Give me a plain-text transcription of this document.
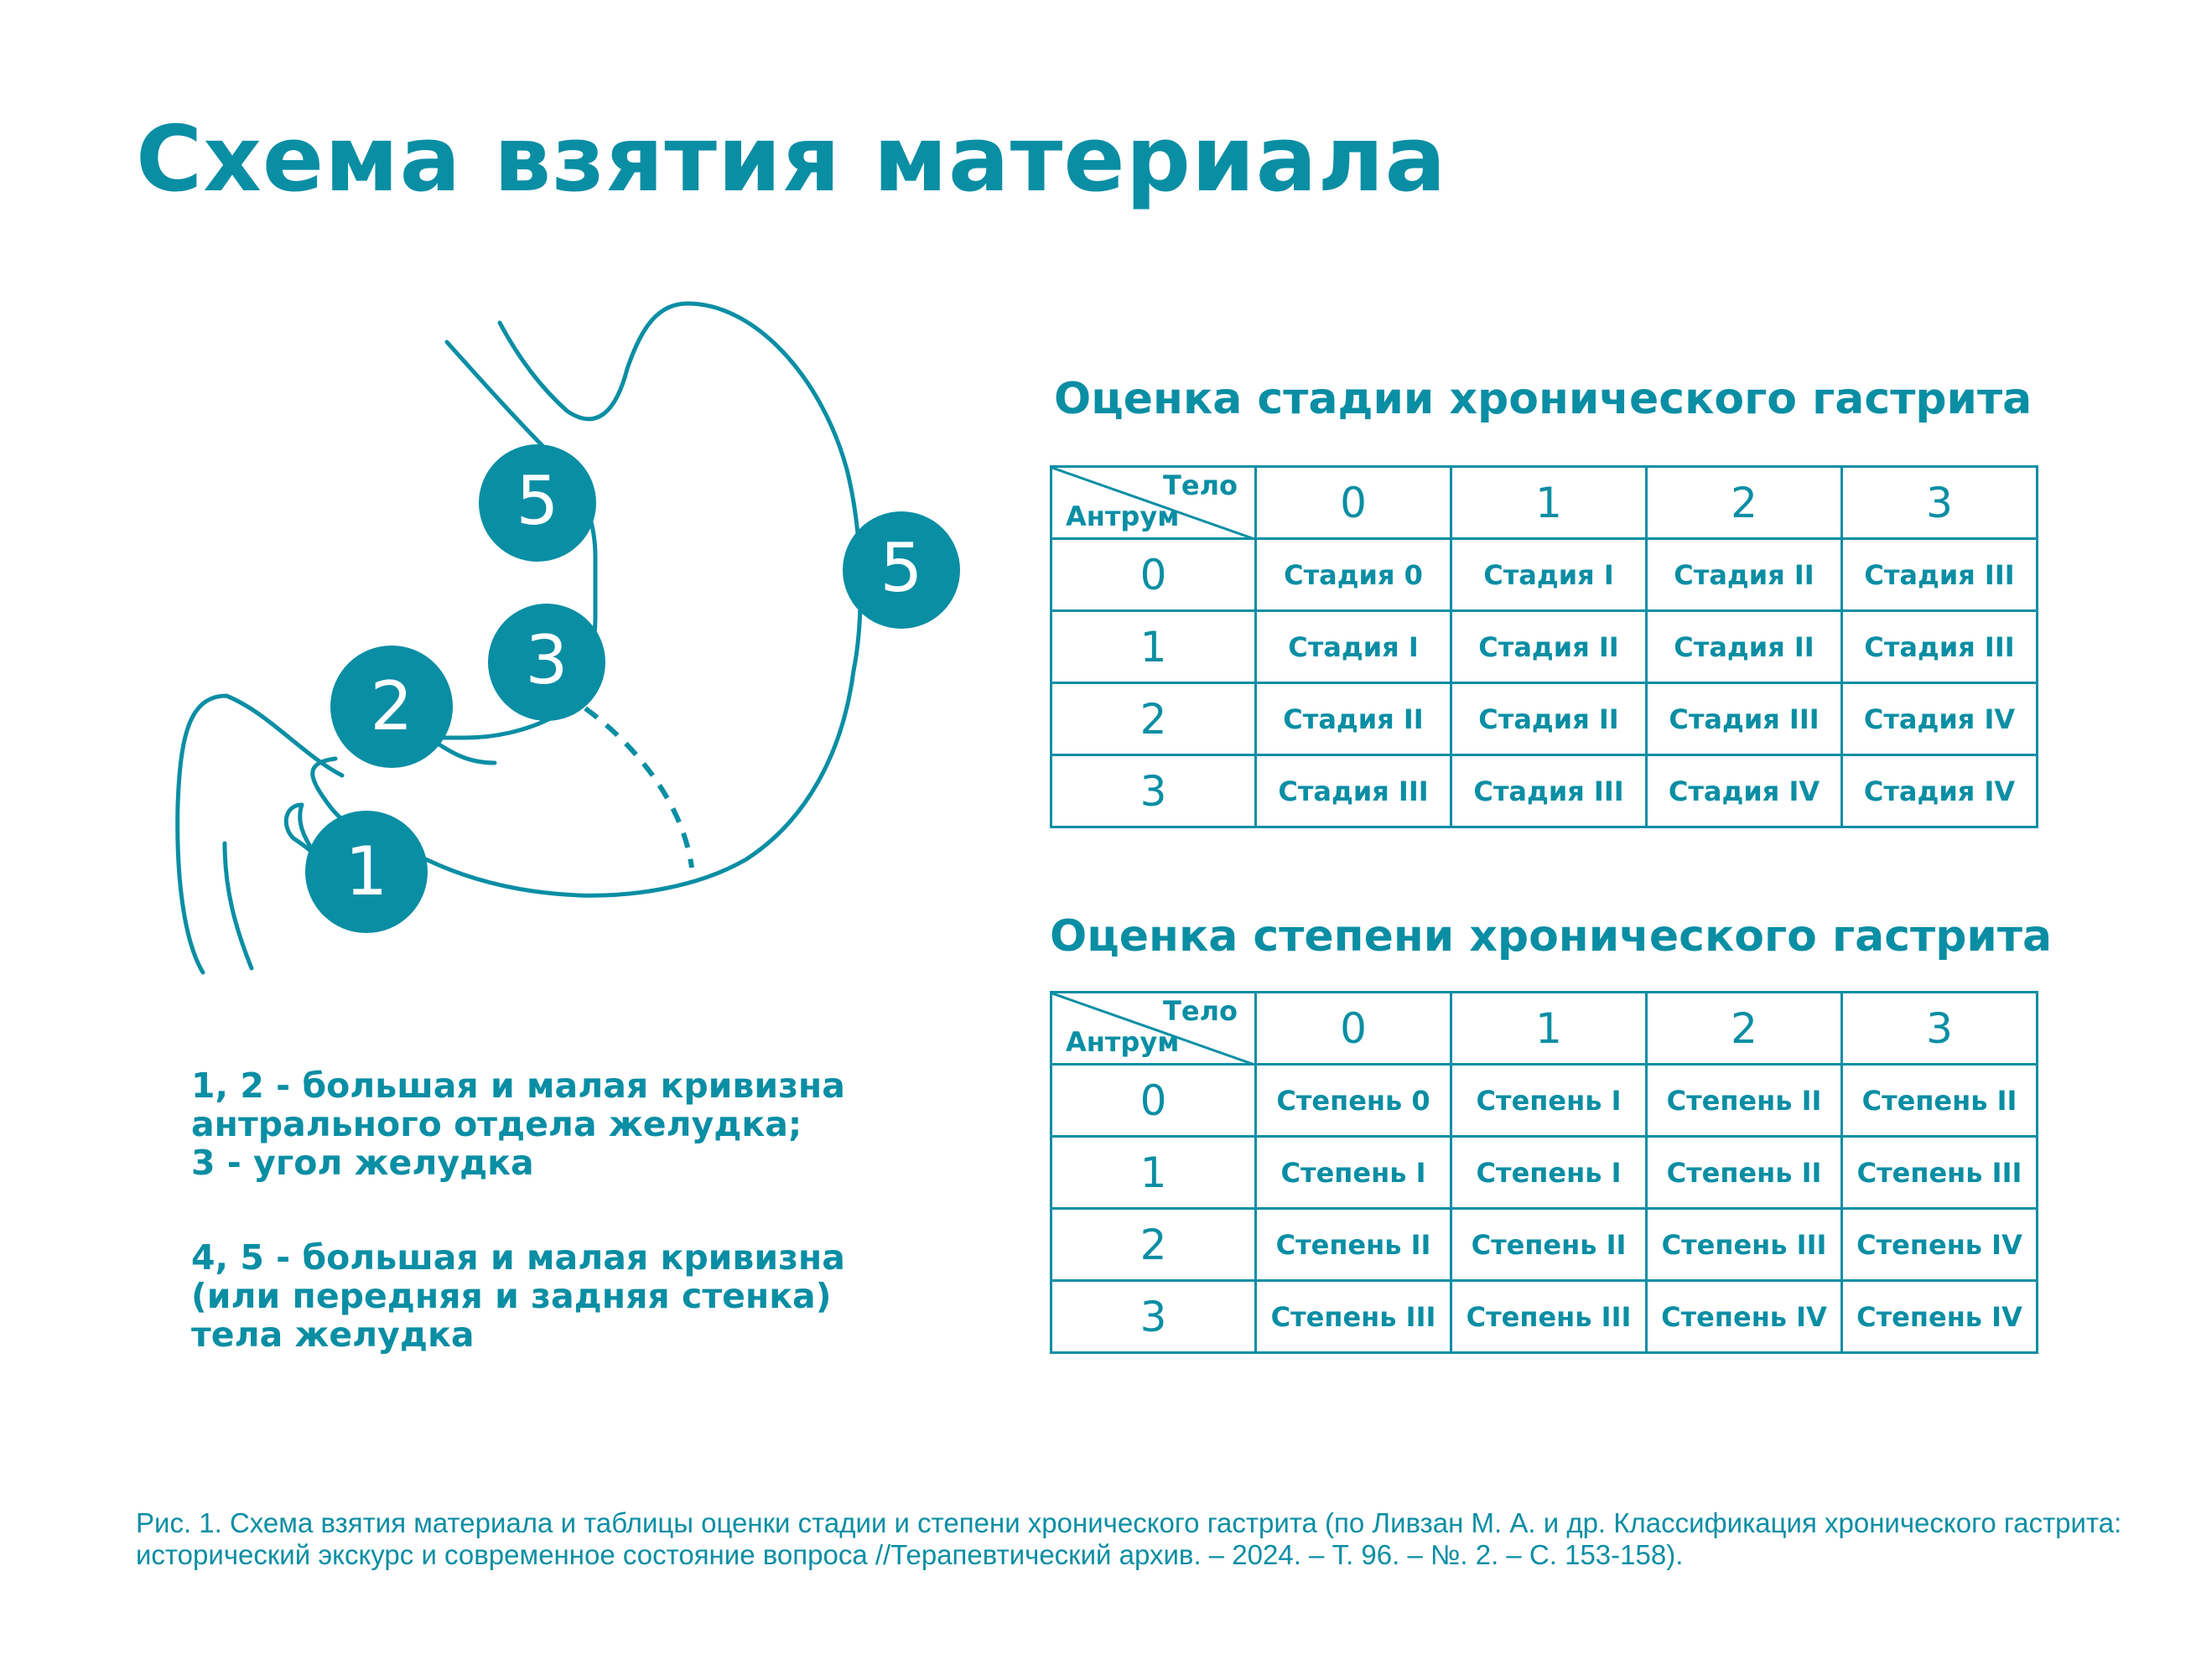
Схема взятия материала
5
5
3
2
1
1, 2 - большая и малая кривизна
антрального отдела желудка;
3 - угол желудка
4, 5 - большая и малая кривизна
(или передняя и задняя стенка)
тела желудка
Оценка стадии хронического гастрита
Тело
Антрум	0	1	2	3
0	Стадия 0	Стадия I	Стадия II	Стадия III
1	Стадия I	Стадия II	Стадия II	Стадия III
2	Стадия II	Стадия II	Стадия III	Стадия IV
3	Стадия III	Стадия III	Стадия IV	Стадия IV
Оценка степени хронического гастрита
Тело
Антрум	0	1	2	3
0	Степень 0	Степень I	Степень II	Степень II
1	Степень I	Степень I	Степень II	Степень III
2	Степень II	Степень II	Степень III	Степень IV
3	Степень III	Степень III	Степень IV	Степень IV
Рис. 1. Схема взятия материала и таблицы оценки стадии и степени хронического гастрита (по Ливзан М. А. и др. Классификация хронического гастрита:
исторический экскурс и современное состояние вопроса //Терапевтический архив. – 2024. – Т. 96. – №. 2. – С. 153-158).
